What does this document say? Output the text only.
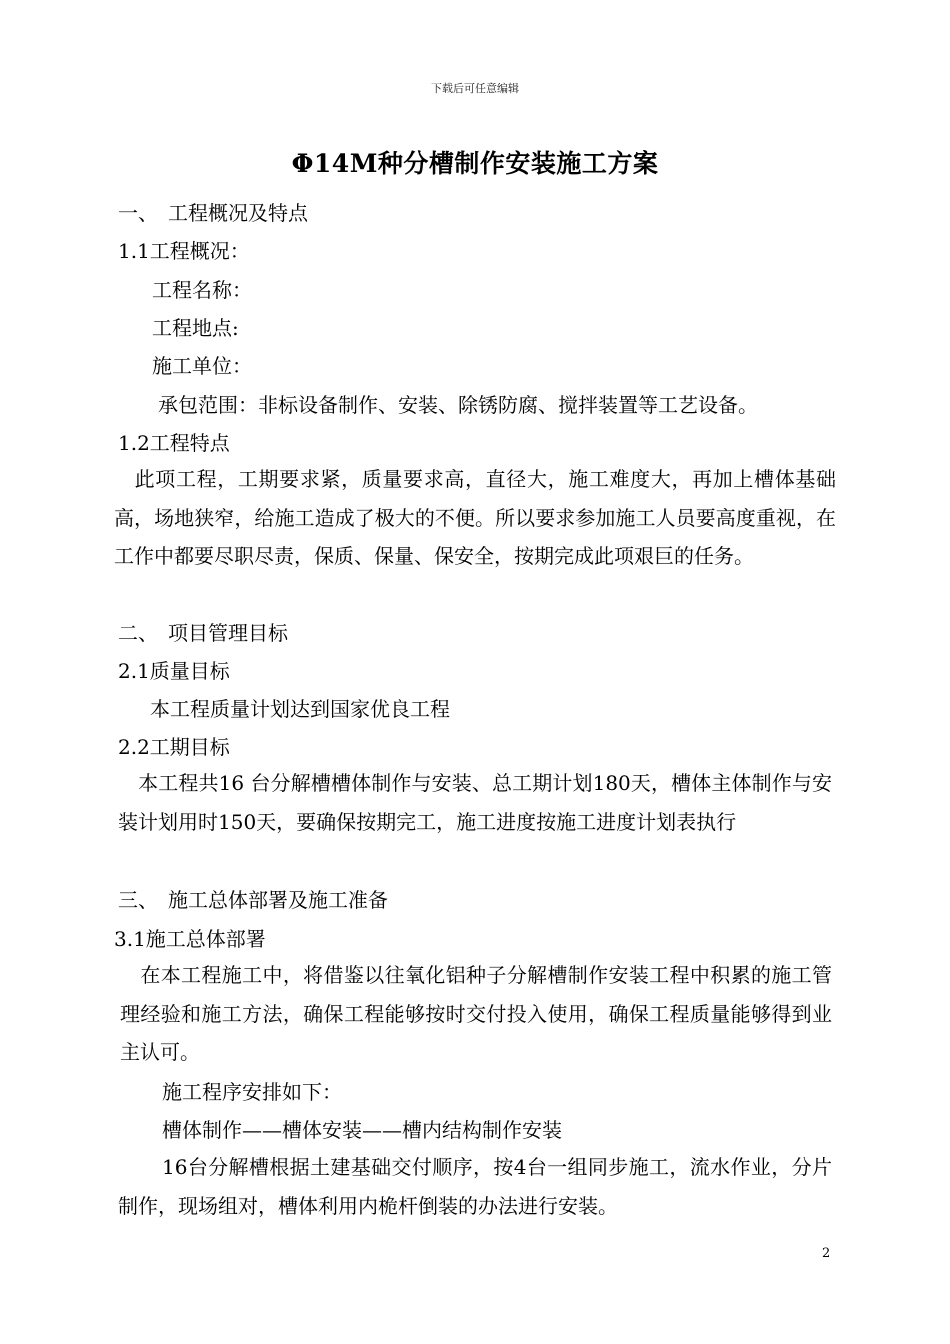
下载后可任意编辑
Φ14M种分槽制作安装施工方案
一、　工程概况及特点
1.1工程概况：
工程名称：
工程地点:
施工单位：
承包范围：非标设备制作、安装、除锈防腐、搅拌装置等工艺设备。
1.2工程特点
　此项工程，工期要求紧，质量要求高，直径大，施工难度大，再加上槽体基础高，场地狭窄，给施工造成了极大的不便。所以要求参加施工人员要高度重视，在工作中都要尽职尽责，保质、保量、保安全，按期完成此项艰巨的任务。
二、　项目管理目标
2.1质量目标
本工程质量计划达到国家优良工程
2.2工期目标
　本工程共16 台分解槽槽体制作与安装、总工期计划180天，槽体主体制作与安装计划用时150天，要确保按期完工，施工进度按施工进度计划表执行
三、　施工总体部署及施工准备
3.1施工总体部署
　在本工程施工中，将借鉴以往氧化铝种子分解槽制作安装工程中积累的施工管理经验和施工方法，确保工程能够按时交付投入使用，确保工程质量能够得到业主认可。
施工程序安排如下：
槽体制作——槽体安装——槽内结构制作安装
16台分解槽根据土建基础交付顺序，按4台一组同步施工，流水作业，分片制作，现场组对，槽体利用内桅杆倒装的办法进行安装。
2
